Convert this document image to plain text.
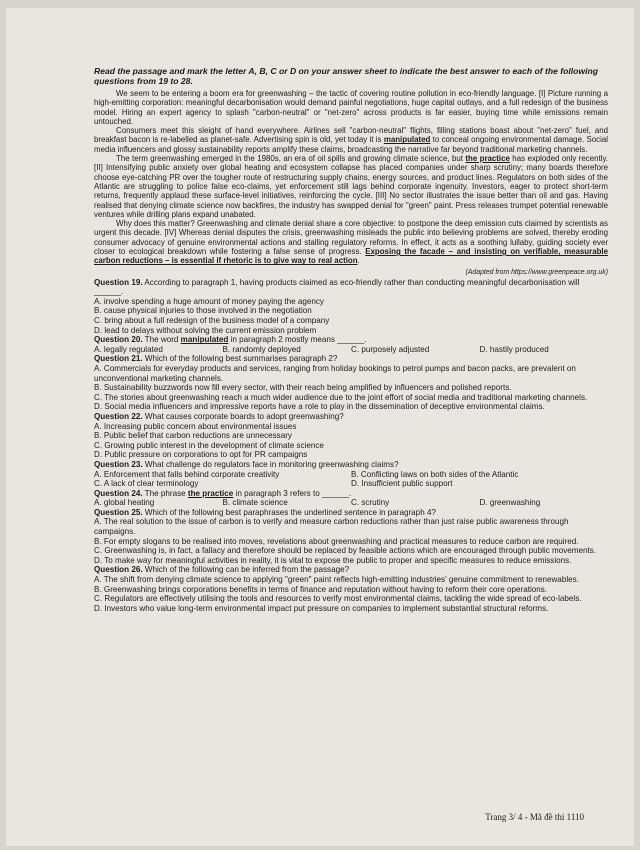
Read the passage and mark the letter A, B, C or D on your answer sheet to indicate the best answer to each of the following questions from 19 to 28.

We seem to be entering a boom era for greenwashing – the tactic of covering routine pollution in eco-friendly language. [I] Picture running a high-emitting corporation: meaningful decarbonisation would demand painful negotiations, huge capital outlays, and a full redesign of the business model. Hiring an expert agency to splash "carbon-neutral" or "net-zero" across products is far easier, buying time while emissions remain untouched.

Consumers meet this sleight of hand everywhere. Airlines sell "carbon-neutral" flights, filling stations boast about "net-zero" fuel, and breakfast bacon is re-labelled as planet-safe. Advertising spin is old, yet today it is manipulated to conceal ongoing environmental damage. Social media influencers and glossy sustainability reports amplify these claims, broadcasting the narrative far beyond traditional marketing channels.

The term greenwashing emerged in the 1980s, an era of oil spills and growing climate science, but the practice has exploded only recently. [II] Intensifying public anxiety over global heating and ecosystem collapse has placed companies under sharp scrutiny; many boards therefore choose eye-catching PR over the tougher route of restructuring supply chains, energy sources, and product lines. Regulators on both sides of the Atlantic are struggling to police false eco-claims, yet enforcement still lags behind corporate ingenuity. Investors, eager to protect short-term returns, frequently applaud these surface-level initiatives, reinforcing the cycle. [III] No sector illustrates the issue better than oil and gas. Having realised that denying climate science now backfires, the industry has swapped denial for "green" paint. Press releases trumpet potential renewable ventures while drilling plans expand unabated.

Why does this matter? Greenwashing and climate denial share a core objective: to postpone the deep emission cuts claimed by scientists as urgent this decade. [IV] Whereas denial disputes the crisis, greenwashing misleads the public into believing problems are solved, thereby eroding consumer advocacy of genuine environmental actions and stalling regulatory reforms. In effect, it acts as a soothing lullaby, guiding society ever closer to ecological breakdown while fostering a false sense of progress. Exposing the facade – and insisting on verifiable, measurable carbon reductions – is essential if rhetoric is to give way to real action.

(Adapted from https://www.greenpeace.org.uk)
Question 19. According to paragraph 1, having products claimed as eco-friendly rather than conducting meaningful decarbonisation will ______.
A. involve spending a huge amount of money paying the agency
B. cause physical injuries to those involved in the negotiation
C. bring about a full redesign of the business model of a company
D. lead to delays without solving the current emission problem
Question 20. The word manipulated in paragraph 2 mostly means ______.
A. legally regulated	B. randomly deployed	C. purposely adjusted	D. hastily produced
Question 21. Which of the following best summarises paragraph 2?
A. Commercials for everyday products and services, ranging from holiday bookings to petrol pumps and bacon packs, are prevalent on unconventional marketing channels.
B. Sustainability buzzwords now fill every sector, with their reach being amplified by influencers and polished reports.
C. The stories about greenwashing reach a much wider audience due to the joint effort of social media and traditional marketing channels.
D. Social media influencers and impressive reports have a role to play in the dissemination of deceptive environmental claims.
Question 22. What causes corporate boards to adopt greenwashing?
A. Increasing public concern about environmental issues
B. Public belief that carbon reductions are unnecessary
C. Growing public interest in the development of climate science
D. Public pressure on corporations to opt for PR campaigns
Question 23. What challenge do regulators face in monitoring greenwashing claims?
A. Enforcement that falls behind corporate creativity	B. Conflicting laws on both sides of the Atlantic
C. A lack of clear terminology	D. Insufficient public support
Question 24. The phrase the practice in paragraph 3 refers to ______.
A. global heating	B. climate science	C. scrutiny	D. greenwashing
Question 25. Which of the following best paraphrases the underlined sentence in paragraph 4?
A. The real solution to the issue of carbon is to verify and measure carbon reductions rather than just raise public awareness through campaigns.
B. For empty slogans to be realised into moves, revelations about greenwashing and practical measures to reduce carbon are required.
C. Greenwashing is, in fact, a fallacy and therefore should be replaced by feasible actions which are encouraged through public movements.
D. To make way for meaningful activities in reality, it is vital to expose the public to proper and specific measures to reduce emissions.
Question 26. Which of the following can be inferred from the passage?
A. The shift from denying climate science to applying "green" paint reflects high-emitting industries' genuine commitment to renewables.
B. Greenwashing brings corporations benefits in terms of finance and reputation without having to reform their core operations.
C. Regulators are effectively utilising the tools and resources to verify most environmental claims, tackling the wide spread of eco-labels.
D. Investors who value long-term environmental impact put pressure on companies to implement substantial structural reforms.
Trang 3/ 4 - Mã đề thi 1110
